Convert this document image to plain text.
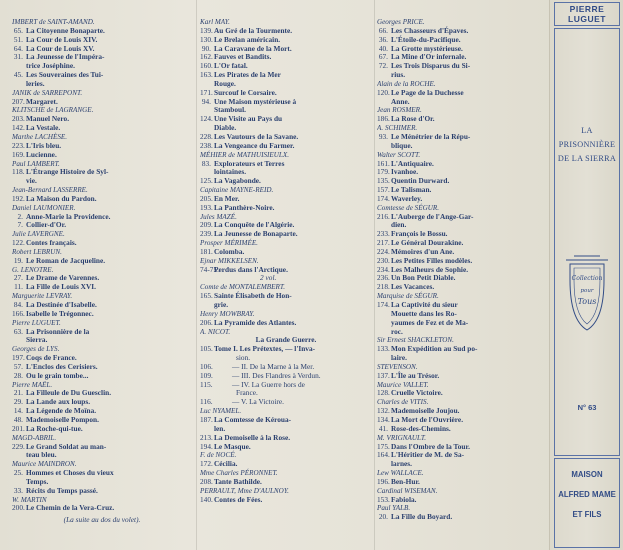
IMBERT de SAINT-AMAND.
65. La Citoyenne Bonaparte.
51. La Cour de Louis XIV.
64. La Cour de Louis XV.
31. La Jeunesse de l'Impéra-
trice Joséphine.
45. Les Souveraines des Tui-
leries.
JANIK de SARREPONT.
207.Margaret.
KLITSCHE de LAGRANGE.
203.Manuel Nero.
142.La Vestale.
Marthe LACHÈSE.
223.L'Iris bleu.
169.Lucienne.
Paul LAMBERT.
118.L'Étrange Histoire de Syl-
vie.
Jean-Bernard LASSERRE.
192.La Maison du Pardon.
Daniel LAUMONIER.
2. Anne-Marie la Providence.
7. Collier-d'Or.
Julie LAVERGNE.
122.Contes français.
Robert LEBRUN.
19. Le Roman de Jacqueline.
G. LENOTRE.
27. Le Drame de Varennes.
11. La Fille de Louis XVI.
Marguerite LEVRAY.
84. La Destinée d'Isabelle.
166.Isabelle le Trégonnec.
Pierre LUGUET.
63. La Prisonnière de la
Sierra.
Georges de LYS.
197.Coqs de France.
57. L'Enclos des Cerisiers.
28. Ou le grain tombe...
Pierre MAËL.
21. La Filleule de Du Guesclin.
29. La Lande aux loups.
14. La Légende de Moïna.
48. Mademoiselle Pompon.
201.La Roche-qui-tue.
MAGD-ABRIL.
229.Le Grand Soldat au man-
teau bleu.
Maurice MAINDRON.
25. Hommes et Choses du vieux
Temps.
33. Récits du Temps passé.
W. MARTIN
200.Le Chemin de la Vera-Cruz.
(La suite au dos du volet).
Karl MAY.
139.Au Gré de la Tourmente.
130.Le Brelan américain.
90. La Caravane de la Mort.
162.Fauves et Bandits.
160.L'Or fatal.
163.Les Pirates de la Mer
Rouge.
171.Surcouf le Corsaire.
94. Une Maison mystérieuse à
Stamboul.
124.Une Visite au Pays du
Diable.
228.Les Vautours de la Savane.
238.La Vengeance du Farmer.
MÉHIER de MATHUISIEULX.
83. Explorateurs et Terres
lointaines.
125.La Vagabonde.
Capitaine MAYNE-REID.
205.En Mer.
193.La Panthère-Noire.
Jules MAZÉ.
209.La Conquête de l'Algérie.
239.La Jeunesse de Bonaparte.
Prosper MÉRIMÉE.
181.Colomba.
Ejnar MIKKELSEN.
74-75.Perdus dans l'Arctique.
2 vol.
Comte de MONTALEMBERT.
165.Sainte Élisabeth de Hon-
grie.
Henry MOWBRAY.
206.La Pyramide des Atlantes.
A. NICOT.
La Grande Guerre.
105.Tome I. Les Prétextes, — l'Inva-
sion.
106.	— II. De la Marne à la Mer.
109.	— III. Des Flandres à Verdun.
115.	— IV. La Guerre hors de
France.
116.	— V. La Victoire.
Luc NYAMEL.
187.La Comtesse de Kéroua-
len.
213.La Demoiselle à la Rose.
194.Le Masque.
F. de NOCÉ.
172.Cécilia.
Mme Charles PÉRONNET.
208.Tante Bathilde.
PERRAULT, Mme D'AULNOY.
140.Contes de Fées.
Georges PRICE.
66. Les Chasseurs d'Épaves.
36. L'Étoile-du-Pacifique.
40. La Grotte mystérieuse.
67. La Mine d'Or infernale.
72. Les Trois Disparus du Si-
rius.
Alain de la ROCHE.
120.Le Page de la Duchesse
Anne.
Jean ROSMER.
186.La Rose d'Or.
A. SCHIMER.
93. Le Ménétrier de la Répu-
blique.
Walter SCOTT.
161.L'Antiquaire.
179.Ivanhoe.
135.Quentin Durward.
157.Le Talisman.
174.Waverley.
Comtesse de SÉGUR.
216.L'Auberge de l'Ange-Gar-
dien.
233.François le Bossu.
217.Le Général Dourakine.
224.Mémoires d'un Ane.
230.Les Petites Filles modèles.
234.Les Malheurs de Sophie.
236.Un Bon Petit Diable.
218.Les Vacances.
Marquise de SÉGUR.
174.La Captivité du sieur
Mouette dans les Ro-
yaumes de Fez et de Ma-
roc.
Sir Ernest SHACKLETON.
133.Mon Expédition au Sud po-
laire.
STEVENSON.
137.L'Île au Trésor.
Maurice VALLET.
128.Cruelle Victoire.
Charles de VITIS.
132.Mademoiselle Joujou.
134.La Mort de l'Ouvrière.
41. Rose-des-Chemins.
M. VRIGNAULT.
175.Dans l'Ombre de la Tour.
164.L'Héritier de M. de Sa-
larnes.
Lew WALLACE.
196.Ben-Hur.
Cardinal WISEMAN.
153.Fabiola.
Paul YALB.
20. La Fille du Boyard.
PIERRE
LUGUET
LA
PRISONNIÈRE
DE LA SIERRA
Collection
pour
Tous
N° 63
MAISON
ALFRED MAME
ET FILS
